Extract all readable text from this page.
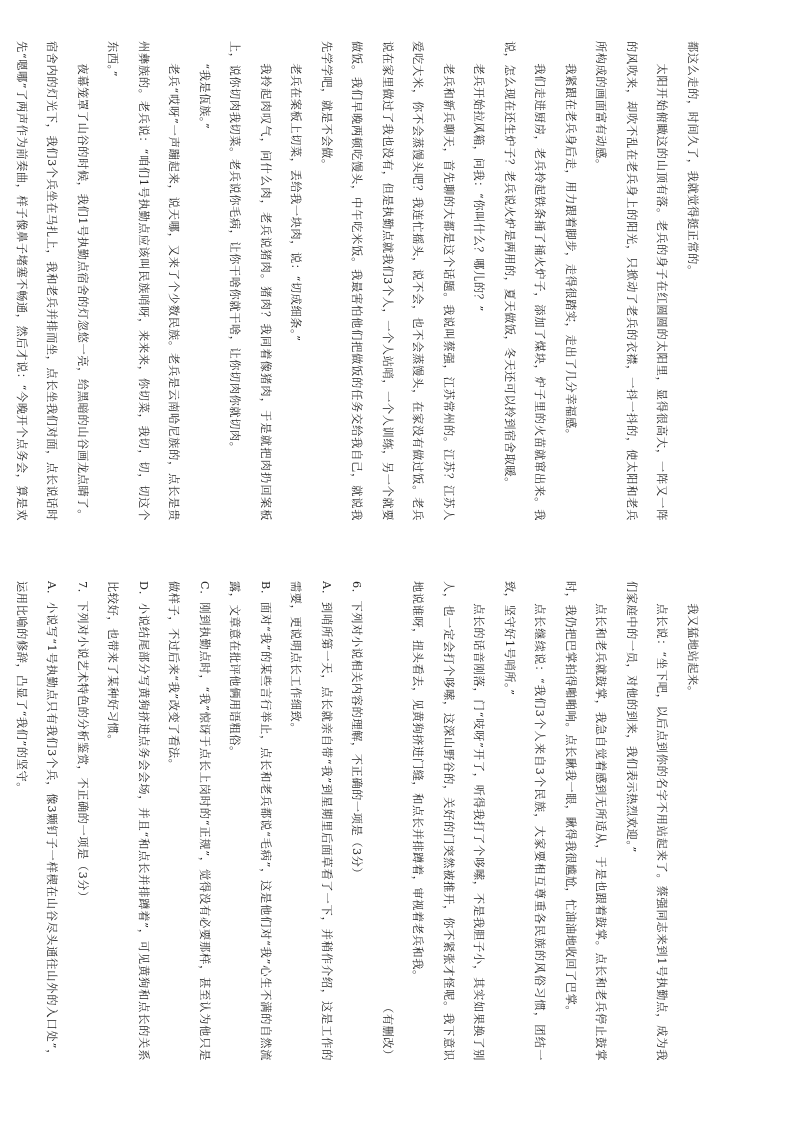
都这么走的，时间久了，我就觉得挺正常的。

太阳开始俯瞰这的山顶有落。老兵的身子在红圆圆的太阳里，显得很高大，一阵又一阵的风吹来，却吹不乱在老兵身上的阳光，只掀动了老兵的衣襟，一抖一抖的，使太阳和老兵所构成的画面富有动感。

我紧跟在老兵身后走，用力跟着脚步，走得很踏实，走出了几分幸福感。

我们走进厨房，老兵拎起铁条捅了捅火炉子，添加了煤块，炉子里的火苗就窜出来。我说，怎么现在还生炉子？老兵说火炉是两用的，夏天做饭，冬天还可以拎到宿舍取暖。

老兵开始拉风箱，问我：“你叫什么？哪儿的？”

老兵和新兵聊天，首先聊的大都是这个话题。我说叫蔡强，江苏常州的。江苏？江苏人爱吃大米，你不会蒸馒头吧？我连忙摇头，说不会，也不会蒸馒头，在家没有做过饭。老兵说在家里做过了我也没有，但是执勤点就我们3个人，一个人站哨，一个人训练，另一个就要做饭。我们早晚两顿吃馒头，中午吃米饭。我最害怕他们把做饭的任务交给我自己，就说我先学学吧，就是不会做。

老兵在案板上切菜，丢给我一块肉，说：“切成细条。”

我拎起肉叹气，问什么肉，老兵说猪肉。猪肉？我同着像猪肉，于是就把肉扔回案板上，说你切肉我切菜。老兵说你毛病，让你干啥你就干啥，让你切肉你就切肉。

“我是佤族。”

老兵“哎呀”一声蹦起来，说天哪，又来了个少数民族。老兵是云南哈尼族的，点长是贵州彝族的。老兵说：“咱们1号执勤点应该叫民族哨呀，来来来，你切菜，我切，切，切这个东西。”

夜幕笼罩了山谷的时候，我们1号执勤点宿舍的灯忽悠一亮，给黑暗的山谷画龙点睛了。宿舍内的灯光下，我们3个兵坐在马扎上，我和老兵并排而坐，点长坐我们对面，点长说话时先“嗯哪”了两声作为前奏曲，样子像鼻子堵塞不畅通，然后才说：“今晚开个点务会，算是欢

我又猛地站起来。

点长说：“坐下吧，以后点到你的名字不用站起来了。蔡强同志来到1号执勤点，成为我们家庭中的一员，对他的到来，我们表示热烈欢迎。”

点长和老兵就鼓掌，我急自觉着感到无所适从，于是也跟着鼓掌。点长和老兵停止鼓掌时，我仍把巴掌拍得啪啪响。点长瞅我一眼，瞅得我很尴尬，忙油油地收回了巴掌。

点长继续说：“我们3个人来自3个民族，大家要相互尊重各民族的风俗习惯，团结一致，坚守好1号哨所。”

点长的话音刚落，门“吱呀”开了，听得我打了个哆嗦，不是我胆子小，其实如果换了别人，也一定会打个哆嗦，这深山野谷的，关好的门突然被推开，你不紧张才怪呢。我下意识地说谁呀，扭头看去，见黄狗挤进门缝，和点长并排蹲着，审视着老兵和我。

（有删改）

6．下列对小说相关内容的理解，不正确的一项是（3分）

A．到哨所第一天，点长就亲自带“我”到星期里后面草看了一下，并稍作介绍，这是工作的需要，更说明点长工作细致。

B．面对“我”的某些言行举止，点长和老兵都说“毛病”，这是他们对“我”心生不满的自然流露，文章意在批评他俩用语粗俗。

C．刚到执勤点时，“我”惊讶于点长上岗时的“正规”，觉得没有必要那样，甚至认为他只是做样子，不过后来“我”改变了看法。

D．小说结尾部分写黄狗挤进点务会会场，并且“和点长并排蹲着”，可见黄狗和点长的关系比较好，也带来了某种好习惯。

7．下列对小说艺术特色的分析鉴赏，不正确的一项是（3分）

A．小说写“1号执勤点只有我们3个兵，像3颗钉子一样楔在山谷尽头通往山外的入口处”，运用比喻的修辞，凸显了“我们”的坚守。
